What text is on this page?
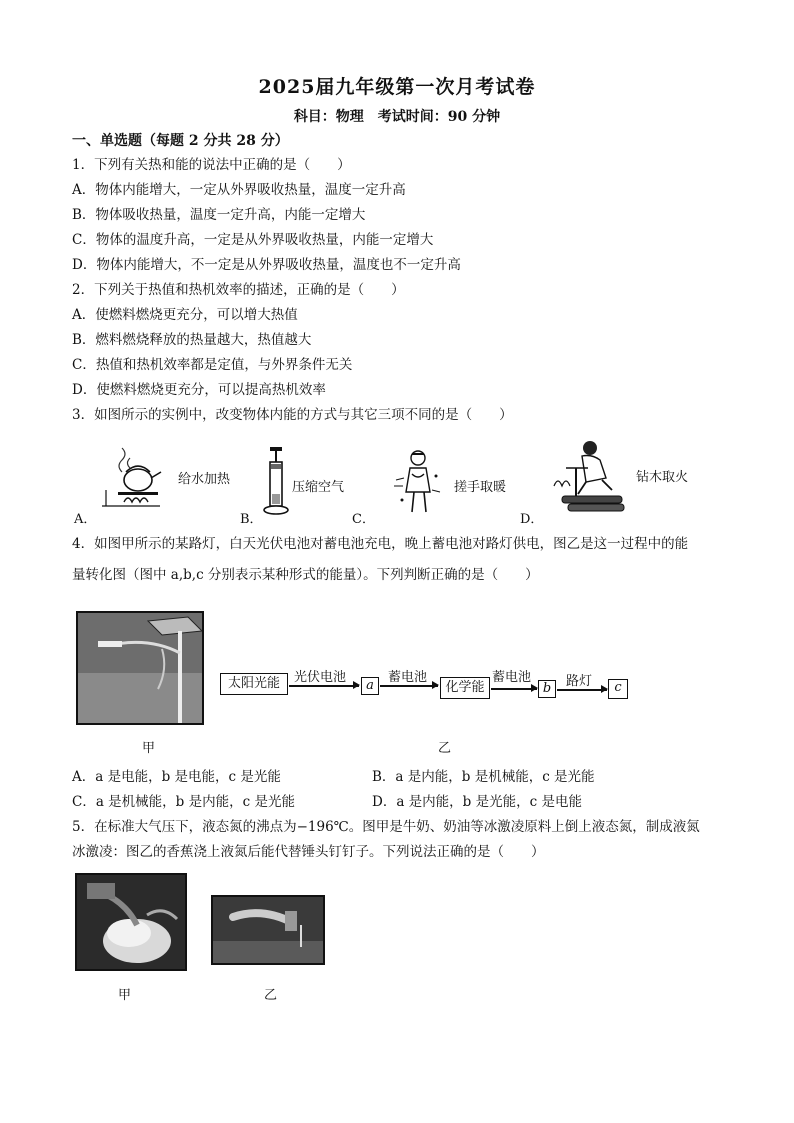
2025届九年级第一次月考试卷
科目：物理　考试时间：90 分钟
一、单选题（每题 2 分共 28 分）
1．下列有关热和能的说法中正确的是（　　）
A．物体内能增大，一定从外界吸收热量，温度一定升高
B．物体吸收热量，温度一定升高，内能一定增大
C．物体的温度升高，一定是从外界吸收热量，内能一定增大
D．物体内能增大，不一定是从外界吸收热量，温度也不一定升高
2．下列关于热值和热机效率的描述，正确的是（　　）
A．使燃料燃烧更充分，可以增大热值
B．燃料燃烧释放的热量越大，热值越大
C．热值和热机效率都是定值，与外界条件无关
D．使燃料燃烧更充分，可以提高热机效率
3．如图所示的实例中，改变物体内能的方式与其它三项不同的是（　　）
给水加热
A．
压缩空气
B．
搓手取暖
C．
钻木取火
D．
4．如图甲所示的某路灯，白天光伏电池对蓄电池充电，晚上蓄电池对路灯供电，图乙是这一过程中的能
量转化图（图中 a,b,c 分别表示某种形式的能量）。下列判断正确的是（　　）
甲
太阳光能	光伏电池
a
蓄电池
化学能
蓄电池
b	路灯	c
乙
A．a 是电能，b 是电能，c 是光能	B．a 是内能，b 是机械能，c 是光能
C．a 是机械能，b 是内能，c 是光能	D．a 是内能，b 是光能，c 是电能
5．在标准大气压下，液态氮的沸点为−196℃。图甲是牛奶、奶油等冰激凌原料上倒上液态氮，制成液氮
冰激凌：图乙的香蕉浇上液氮后能代替锤头钉钉子。下列说法正确的是（　　）
甲	乙
